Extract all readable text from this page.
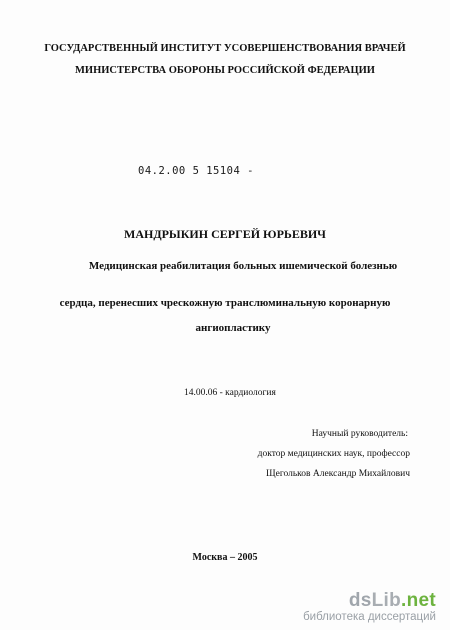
ГОСУДАРСТВЕННЫЙ ИНСТИТУТ УСОВЕРШЕНСТВОВАНИЯ ВРАЧЕЙ
МИНИСТЕРСТВА ОБОРОНЫ РОССИЙСКОЙ ФЕДЕРАЦИИ
04.2.00 5 15104 -
МАНДРЫКИН СЕРГЕЙ ЮРЬЕВИЧ
Медицинская реабилитация больных ишемической болезнью
сердца, перенесших чрескожную транслюминальную коронарную
ангиопластику
14.00.06 - кардиология
Научный руководитель:
доктор медицинских наук, профессор
Щегольков Александр Михайлович
Москва – 2005
dsLib.net
библиотека диссертаций
